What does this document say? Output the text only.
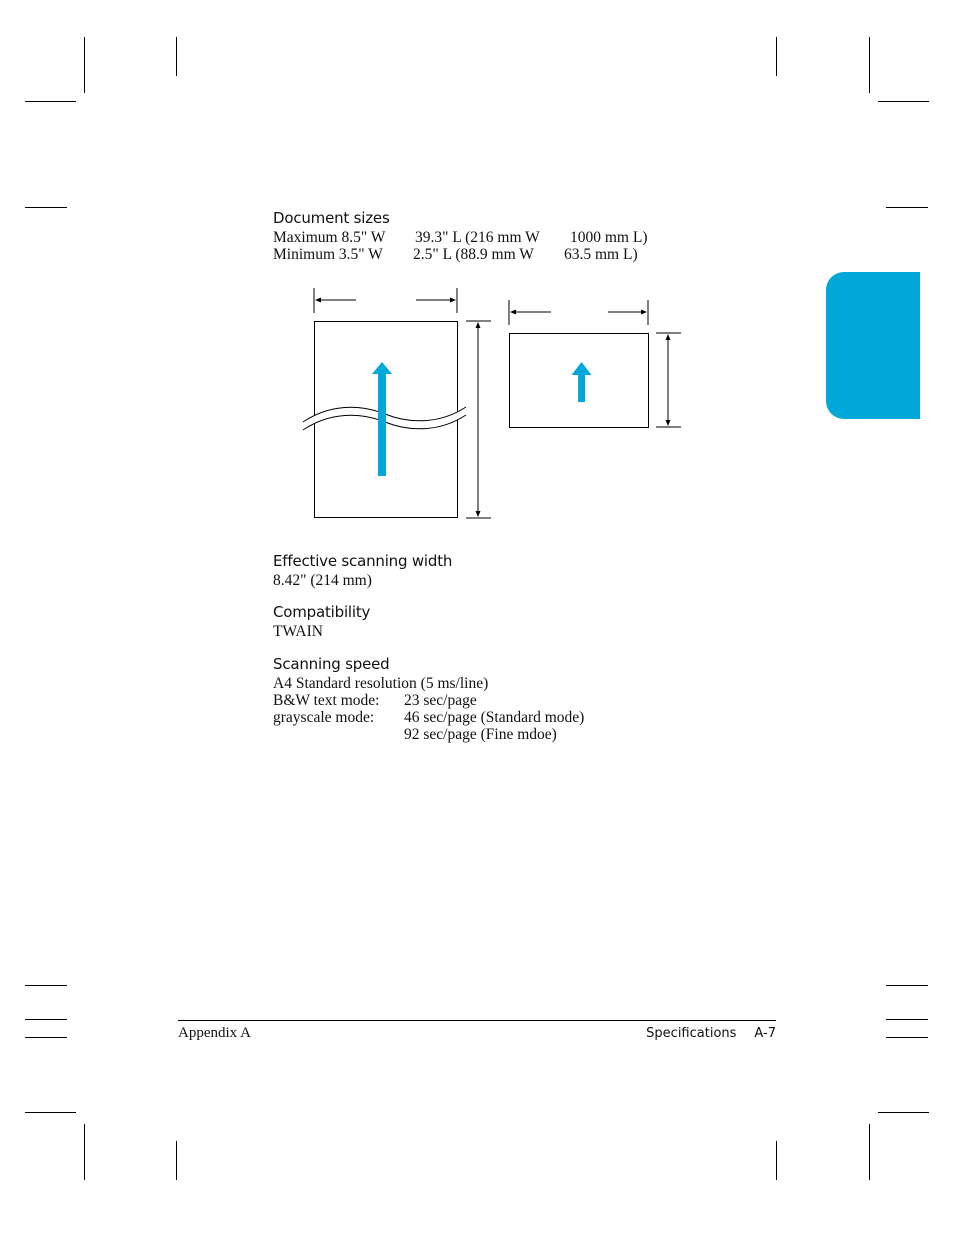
Document sizes
Maximum 8.5" W 39.3" L (216 mm W 1000 mm L)
Minimum 3.5" W 2.5" L (88.9 mm W 63.5 mm L)
Effective scanning width
8.42" (214 mm)
Compatibility
TWAIN
Scanning speed
A4 Standard resolution (5 ms/line)
B&W text mode: 23 sec/page
grayscale mode: 46 sec/page (Standard mode)
92 sec/page (Fine mdoe)
Appendix A	Specifications A-7
